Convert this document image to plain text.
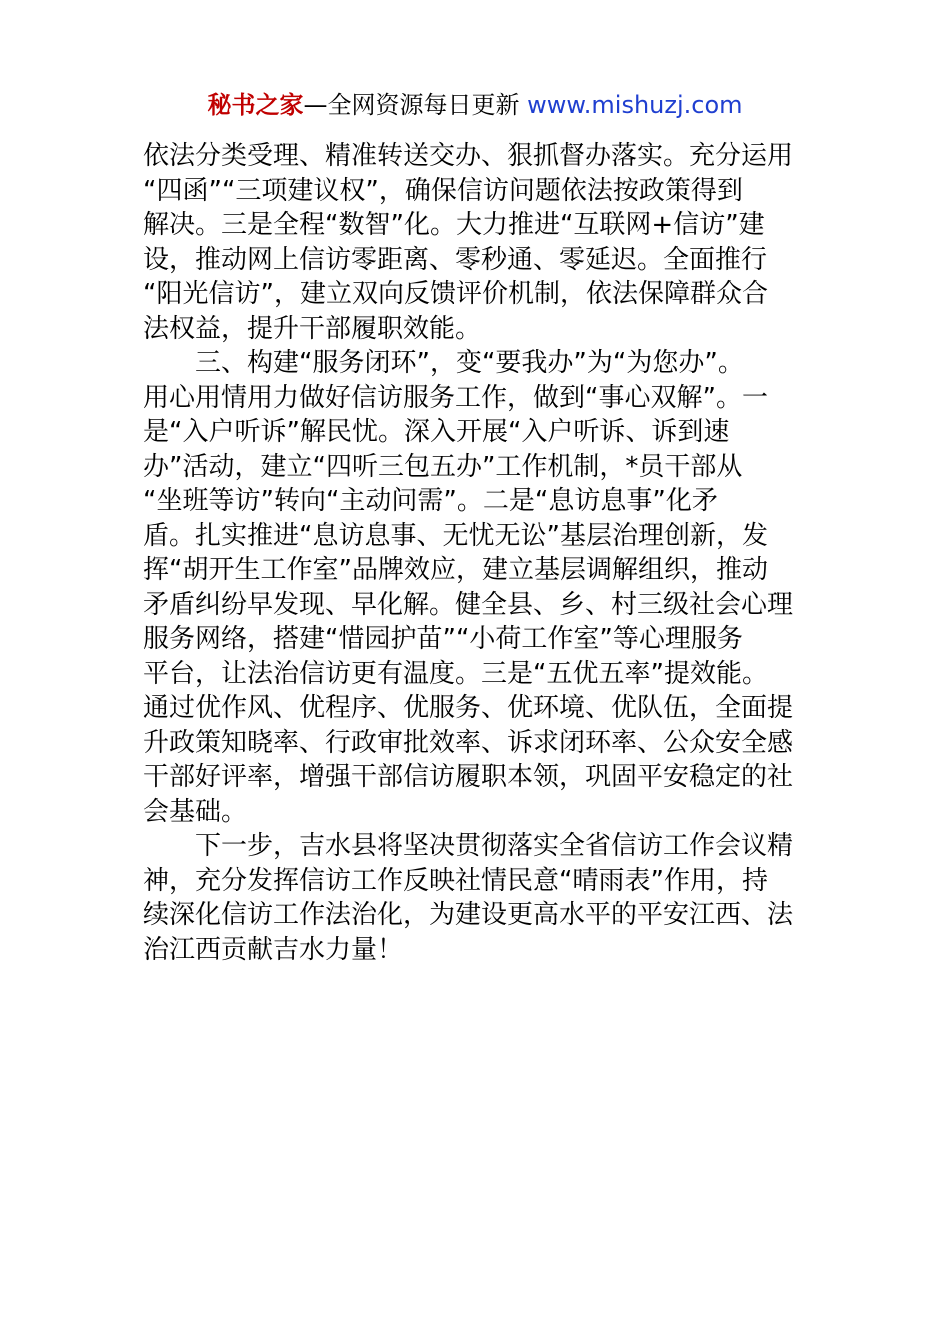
秘书之家—全网资源每日更新 www.mishuzj.com
依法分类受理、精准转送交办、狠抓督办落实。充分运用
“四函”“三项建议权”，确保信访问题依法按政策得到
解决。三是全程“数智”化。大力推进“互联网+信访”建
设，推动网上信访零距离、零秒通、零延迟。全面推行
“阳光信访”，建立双向反馈评价机制，依法保障群众合
法权益，提升干部履职效能。
三、构建“服务闭环”，变“要我办”为“为您办”。
用心用情用力做好信访服务工作，做到“事心双解”。一
是“入户听诉”解民忧。深入开展“入户听诉、诉到速
办”活动，建立“四听三包五办”工作机制，*员干部从
“坐班等访”转向“主动问需”。二是“息访息事”化矛
盾。扎实推进“息访息事、无忧无讼”基层治理创新，发
挥“胡开生工作室”品牌效应，建立基层调解组织，推动
矛盾纠纷早发现、早化解。健全县、乡、村三级社会心理
服务网络，搭建“惜园护苗”“小荷工作室”等心理服务
平台，让法治信访更有温度。三是“五优五率”提效能。
通过优作风、优程序、优服务、优环境、优队伍，全面提
升政策知晓率、行政审批效率、诉求闭环率、公众安全感
干部好评率，增强干部信访履职本领，巩固平安稳定的社
会基础。
下一步，吉水县将坚决贯彻落实全省信访工作会议精
神，充分发挥信访工作反映社情民意“晴雨表”作用，持
续深化信访工作法治化，为建设更高水平的平安江西、法
治江西贡献吉水力量！
